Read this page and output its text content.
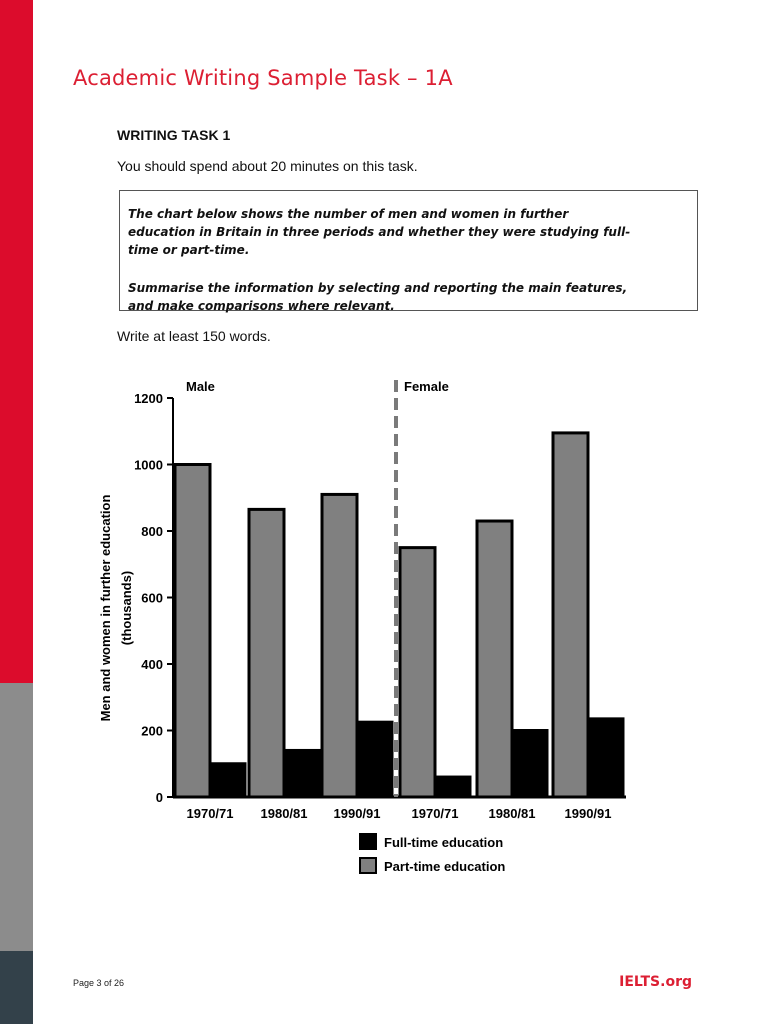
Academic Writing Sample Task – 1A
WRITING TASK 1
You should spend about 20 minutes on this task.

The chart below shows the number of men and women in further education in Britain in three periods and whether they were studying full-time or part-time.

Summarise the information by selecting and reporting the main features, and make comparisons where relevant.

Write at least 150 words.
0
200
400
600
800
1000
1200
Men and women in further education (thousands)
1970/71 1980/81 1990/91 1970/71 1980/81 1990/91
Male	Female
Full-time education
Part-time education
Page 3 of 26	IELTS.org
